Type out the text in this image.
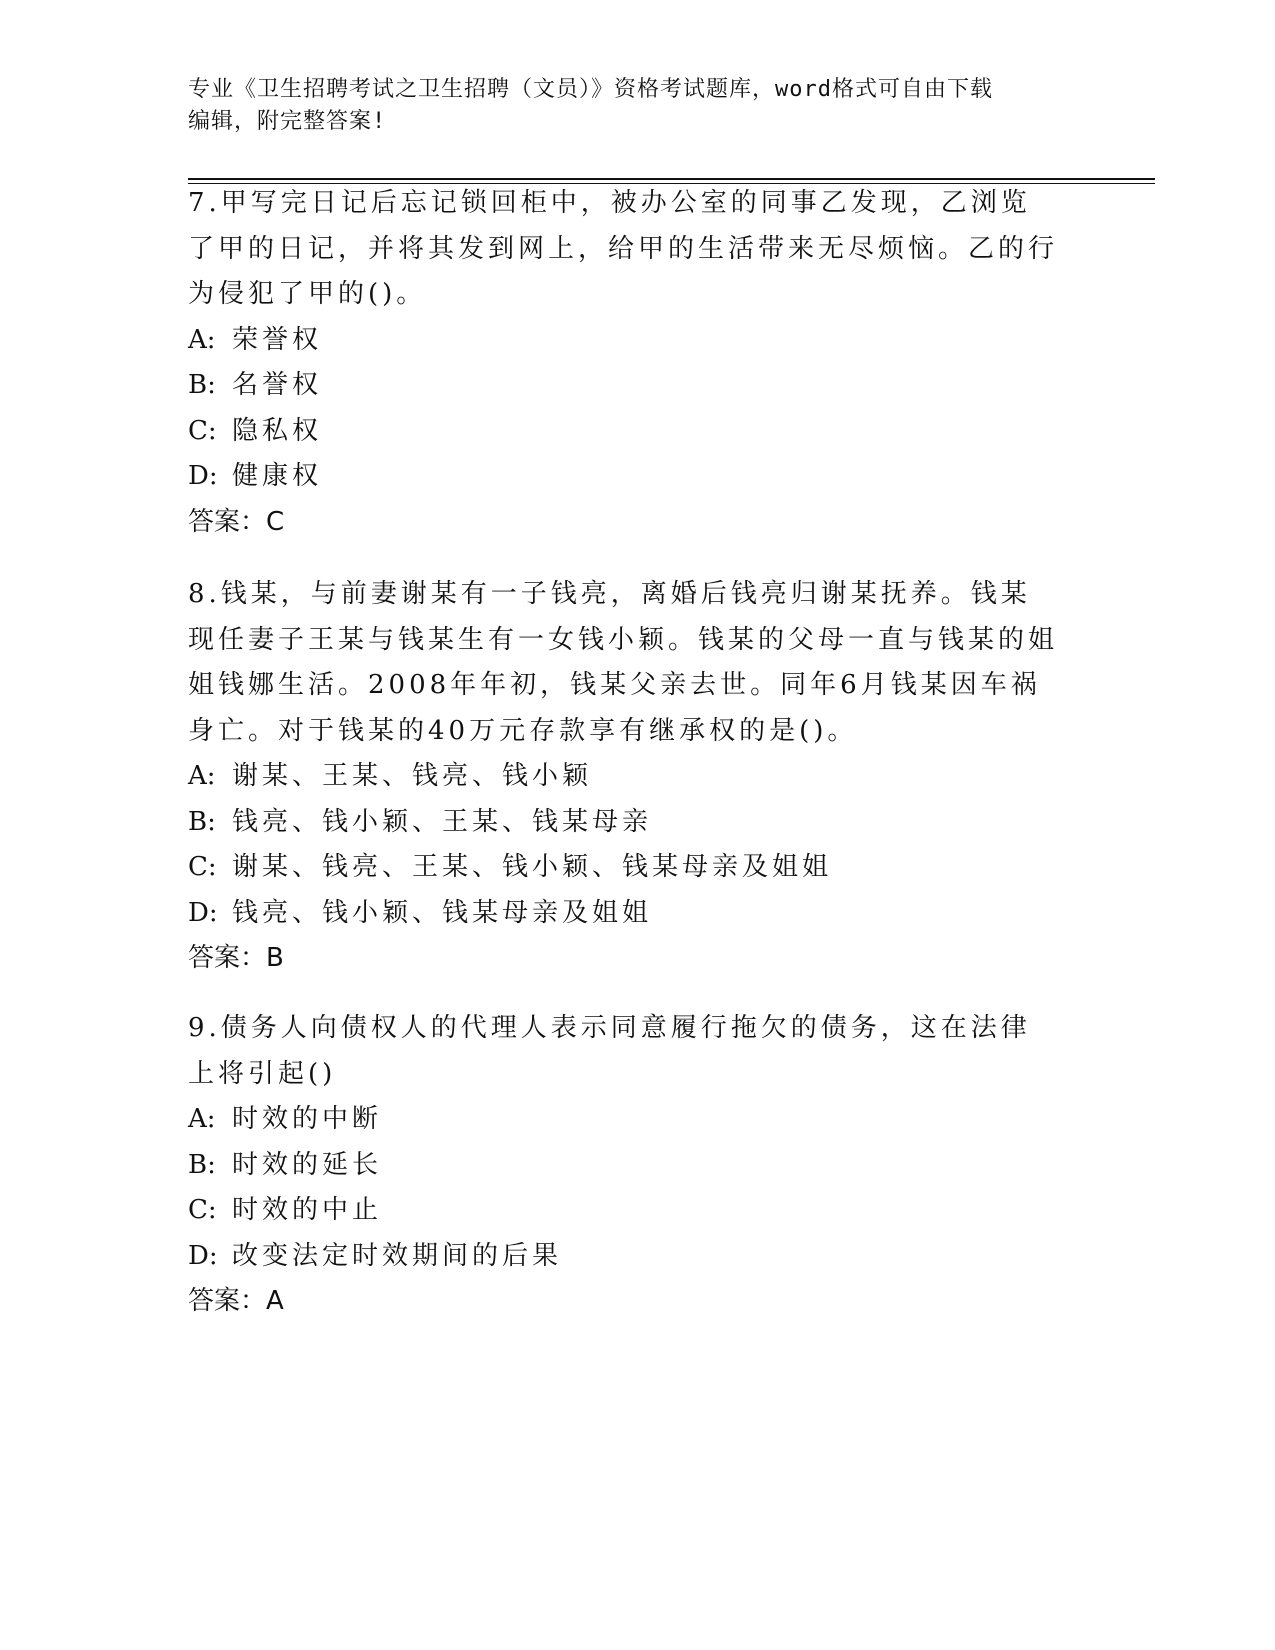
专业《卫生招聘考试之卫生招聘（文员）》资格考试题库，word格式可自由下载
编辑，附完整答案!
7.甲写完日记后忘记锁回柜中，被办公室的同事乙发现，乙浏览了甲的日记，并将其发到网上，给甲的生活带来无尽烦恼。乙的行为侵犯了甲的()。
A: 荣誉权
B: 名誉权
C: 隐私权
D: 健康权
答案：C
8.钱某，与前妻谢某有一子钱亮，离婚后钱亮归谢某抚养。钱某现任妻子王某与钱某生有一女钱小颖。钱某的父母一直与钱某的姐姐钱娜生活。2008年年初，钱某父亲去世。同年6月钱某因车祸身亡。对于钱某的40万元存款享有继承权的是()。
A: 谢某、王某、钱亮、钱小颖
B: 钱亮、钱小颖、王某、钱某母亲
C: 谢某、钱亮、王某、钱小颖、钱某母亲及姐姐
D: 钱亮、钱小颖、钱某母亲及姐姐
答案：B
9.债务人向债权人的代理人表示同意履行拖欠的债务，这在法律上将引起()
A: 时效的中断
B: 时效的延长
C: 时效的中止
D: 改变法定时效期间的后果
答案：A
